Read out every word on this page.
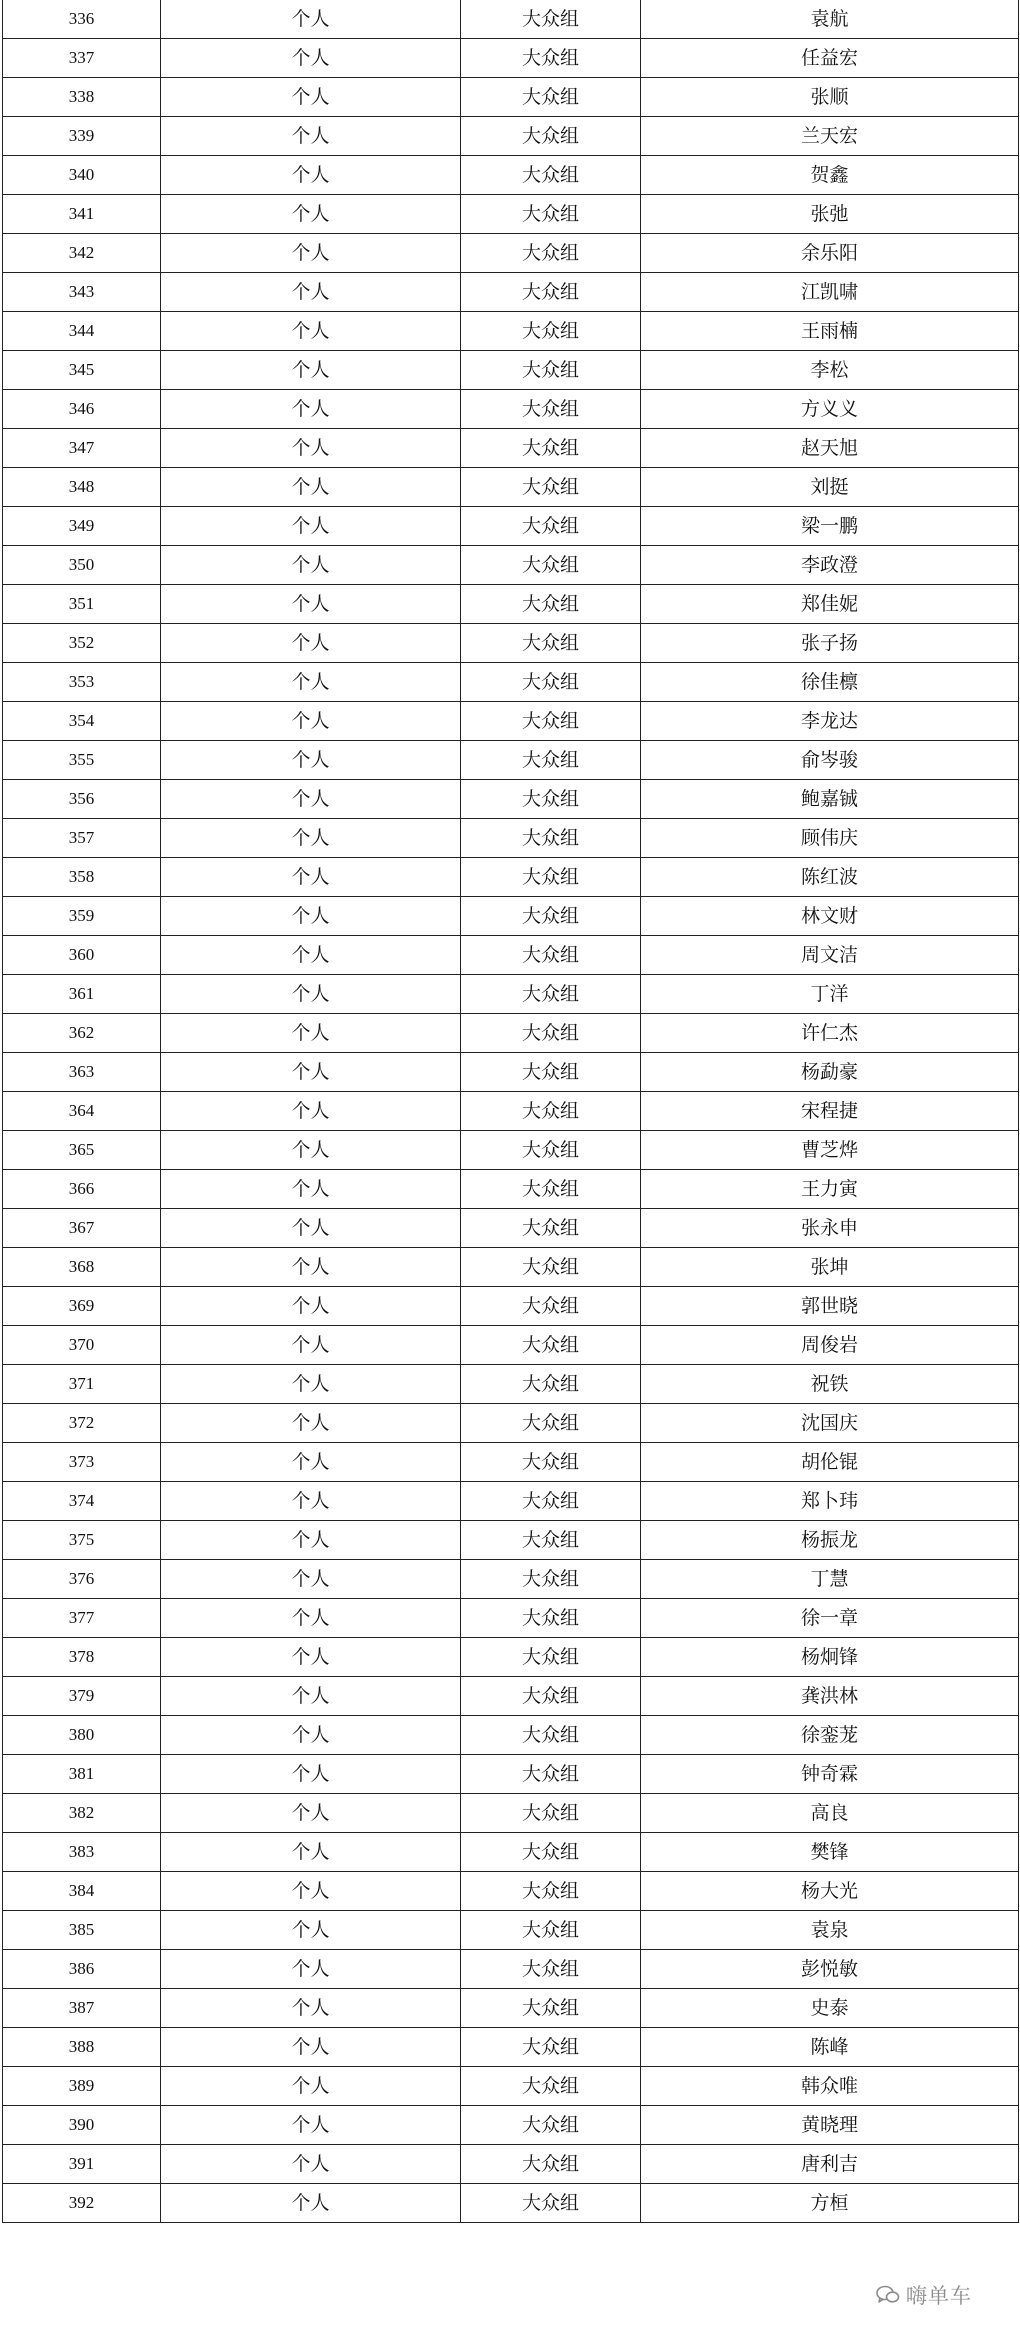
336	个人	大众组	袁航
337	个人	大众组	任益宏
338	个人	大众组	张顺
339	个人	大众组	兰天宏
340	个人	大众组	贺鑫
341	个人	大众组	张弛
342	个人	大众组	余乐阳
343	个人	大众组	江凯啸
344	个人	大众组	王雨楠
345	个人	大众组	李松
346	个人	大众组	方义义
347	个人	大众组	赵天旭
348	个人	大众组	刘挺
349	个人	大众组	梁一鹏
350	个人	大众组	李政澄
351	个人	大众组	郑佳妮
352	个人	大众组	张子扬
353	个人	大众组	徐佳檩
354	个人	大众组	李龙达
355	个人	大众组	俞岑骏
356	个人	大众组	鲍嘉铖
357	个人	大众组	顾伟庆
358	个人	大众组	陈红波
359	个人	大众组	林文财
360	个人	大众组	周文洁
361	个人	大众组	丁洋
362	个人	大众组	许仁杰
363	个人	大众组	杨勐豪
364	个人	大众组	宋程捷
365	个人	大众组	曹芝烨
366	个人	大众组	王力寅
367	个人	大众组	张永申
368	个人	大众组	张坤
369	个人	大众组	郭世晓
370	个人	大众组	周俊岩
371	个人	大众组	祝铁
372	个人	大众组	沈国庆
373	个人	大众组	胡伦锟
374	个人	大众组	郑卜玮
375	个人	大众组	杨振龙
376	个人	大众组	丁慧
377	个人	大众组	徐一章
378	个人	大众组	杨炯锋
379	个人	大众组	龚洪林
380	个人	大众组	徐銮茏
381	个人	大众组	钟奇霖
382	个人	大众组	高良
383	个人	大众组	樊锋
384	个人	大众组	杨大光
385	个人	大众组	袁泉
386	个人	大众组	彭悦敏
387	个人	大众组	史泰
388	个人	大众组	陈峰
389	个人	大众组	韩众唯
390	个人	大众组	黄晓理
391	个人	大众组	唐利吉
392	个人	大众组	方桓
嗨单车
